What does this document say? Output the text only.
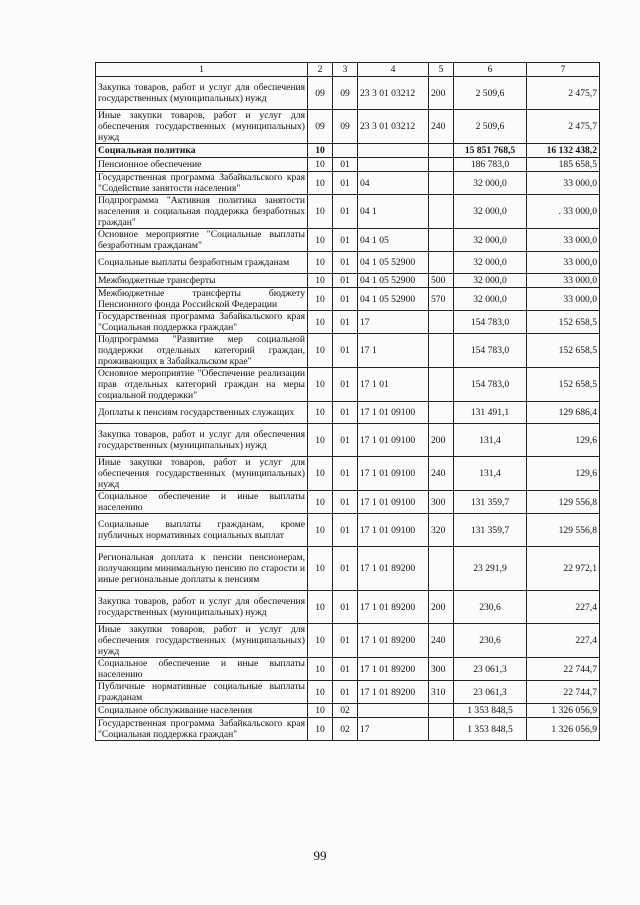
1	2	3	4	5	6	7
Закупка товаров, работ и услуг для обеспечения государственных (муниципальных) нужд	09	09	23 3 01 03212	200	2 509,6	2 475,7
Иные закупки товаров, работ и услуг для обеспечения государственных (муниципальных) нужд	09	09	23 3 01 03212	240	2 509,6	2 475,7
Социальная политика	10				15 851 768,5	16 132 438,2
Пенсионное обеспечение	10	01			186 783,0	185 658,5
Государственная программа Забайкальского края "Содействие занятости населения"	10	01	04		32 000,0	33 000,0
Подпрограмма "Активная политика занятости населения и социальная поддержка безработных граждан"	10	01	04 1		32 000,0	. 33 000,0
Основное мероприятие "Социальные выплаты безработным гражданам"	10	01	04 1 05		32 000,0	33 000,0
Социальные выплаты безработным гражданам	10	01	04 1 05 52900		32 000,0	33 000,0
Межбюджетные трансферты	10	01	04 1 05 52900	500	32 000,0	33 000,0
Межбюджетные трансферты бюджету Пенсионного фонда Российской Федерации	10	01	04 1 05 52900	570	32 000,0	33 000,0
Государственная программа Забайкальского края "Социальная поддержка граждан"	10	01	17		154 783,0	152 658,5
Подпрограмма "Развитие мер социальной поддержки отдельных категорий граждан, проживающих в Забайкальском крае"	10	01	17 1		154 783,0	152 658,5
Основное мероприятие "Обеспечение реализации прав отдельных категорий граждан на меры социальной поддержки"	10	01	17 1 01		154 783,0	152 658,5
Доплаты к пенсиям государственных служащих	10	01	17 1 01 09100		131 491,1	129 686,4
Закупка товаров, работ и услуг для обеспечения государственных (муниципальных) нужд	10	01	17 1 01 09100	200	131,4	129,6
Иные закупки товаров, работ и услуг для обеспечения государственных (муниципальных) нужд	10	01	17 1 01 09100	240	131,4	129,6
Социальное обеспечение и иные выплаты населению	10	01	17 1 01 09100	300	131 359,7	129 556,8
Социальные выплаты гражданам, кроме публичных нормативных социальных выплат	10	01	17 1 01 09100	320	131 359,7	129 556,8
Региональная доплата к пенсии пенсионерам, получающим минимальную пенсию по старости и иные региональные доплаты к пенсиям	10	01	17 1 01 89200		23 291,9	22 972,1
Закупка товаров, работ и услуг для обеспечения государственных (муниципальных) нужд	10	01	17 1 01 89200	200	230,6	227,4
Иные закупки товаров, работ и услуг для обеспечения государственных (муниципальных) нужд	10	01	17 1 01 89200	240	230,6	227,4
Социальное обеспечение и иные выплаты населению	10	01	17 1 01 89200	300	23 061,3	22 744,7
Публичные нормативные социальные выплаты гражданам	10	01	17 1 01 89200	310	23 061,3	22 744,7
Социальное обслуживание населения	10	02			1 353 848,5	1 326 056,9
Государственная программа Забайкальского края "Социальная поддержка граждан"	10	02	17		1 353 848,5	1 326 056,9
99
